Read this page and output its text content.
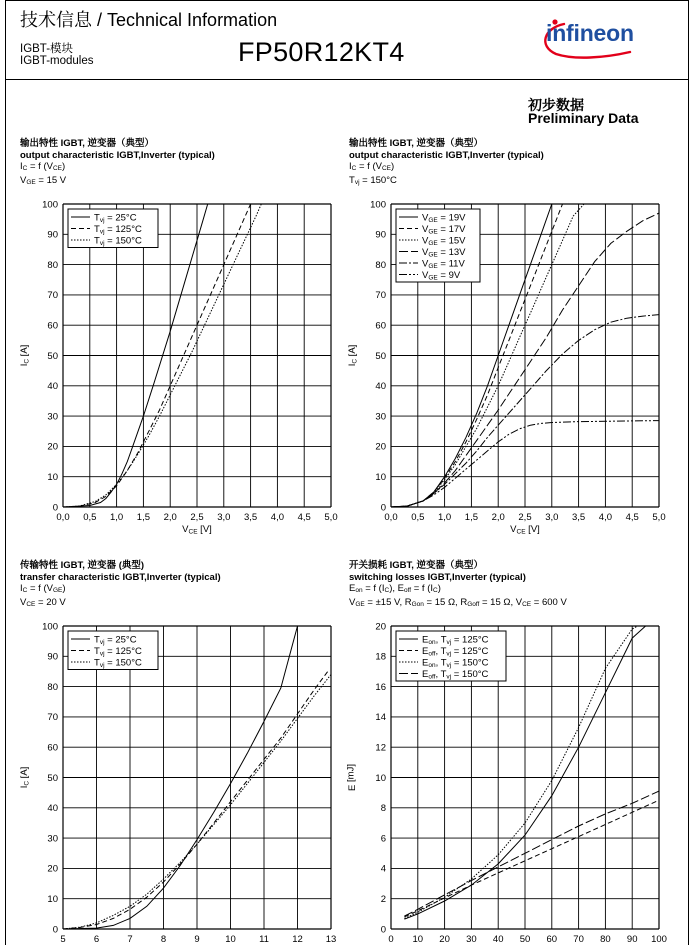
技术信息 / Technical Information
IGBT-模块
IGBT-modules	FP50R12KT4
infineon
初步数据
Preliminary Data
输出特性 IGBT, 逆变器（典型）
output characteristic IGBT,Inverter (typical)
$I_C = f$ $(V_{CE})$
$V_{GE} = 15$ V
输出特性 IGBT, 逆变器（典型）
output characteristic IGBT,Inverter (typical)
$I_C = f$ $(V_{CE})$
$T_{vj} = 150^\circ C$
传输特性 IGBT, 逆变器 (典型)
transfer characteristic IGBT,Inverter (typical)
$I_C = f$ $(V_{GE})$
$V_{CE} = 20$ V
开关损耗 IGBT, 逆变器（典型）
switching losses IGBT,Inverter (typical)
$E_{on} = f$ $(I_C)$, $E_{off} = f$ $(I_C)$
$V_{GE} = \pm 15$ V, $R_{Gon} = 15$ Ω, $R_{Goff} = 15$ Ω, $V_{CE} = 600$ V
0,0 0,5 1,0 1,5 2,0 2,5 3,0 3,5 4,0 4,5 5,0
0
10
20
30
40
50
60
70
80
90
100
IC [A]
VCE [V]
Tvj = 25°C
Tvj = 125°C
Tvj = 150°C
0,0 0,5 1,0 1,5 2,0 2,5 3,0 3,5 4,0 4,5 5,0
0
10
20
30
40
50
60
70
80
90
100
IC [A]
VCE [V]
VGE = 19V
VGE = 17V
VGE = 15V
VGE = 13V
VGE = 11V
VGE = 9V
5	6	7	8	9	10 11 12 13
0
10
20
30
40
50
60
70
80
90
100
IC [A]
Tvj = 25°C
Tvj = 125°C
Tvj = 150°C
0 10 20 30 40 50 60 70 80 90 100
0
2
4
6
8
10
12
14
16
18
20
E [mJ]
Eon, Tvj = 125°C
Eoff, Tvj = 125°C
Eon, Tvj = 150°C
Eoff, Tvj = 150°C
